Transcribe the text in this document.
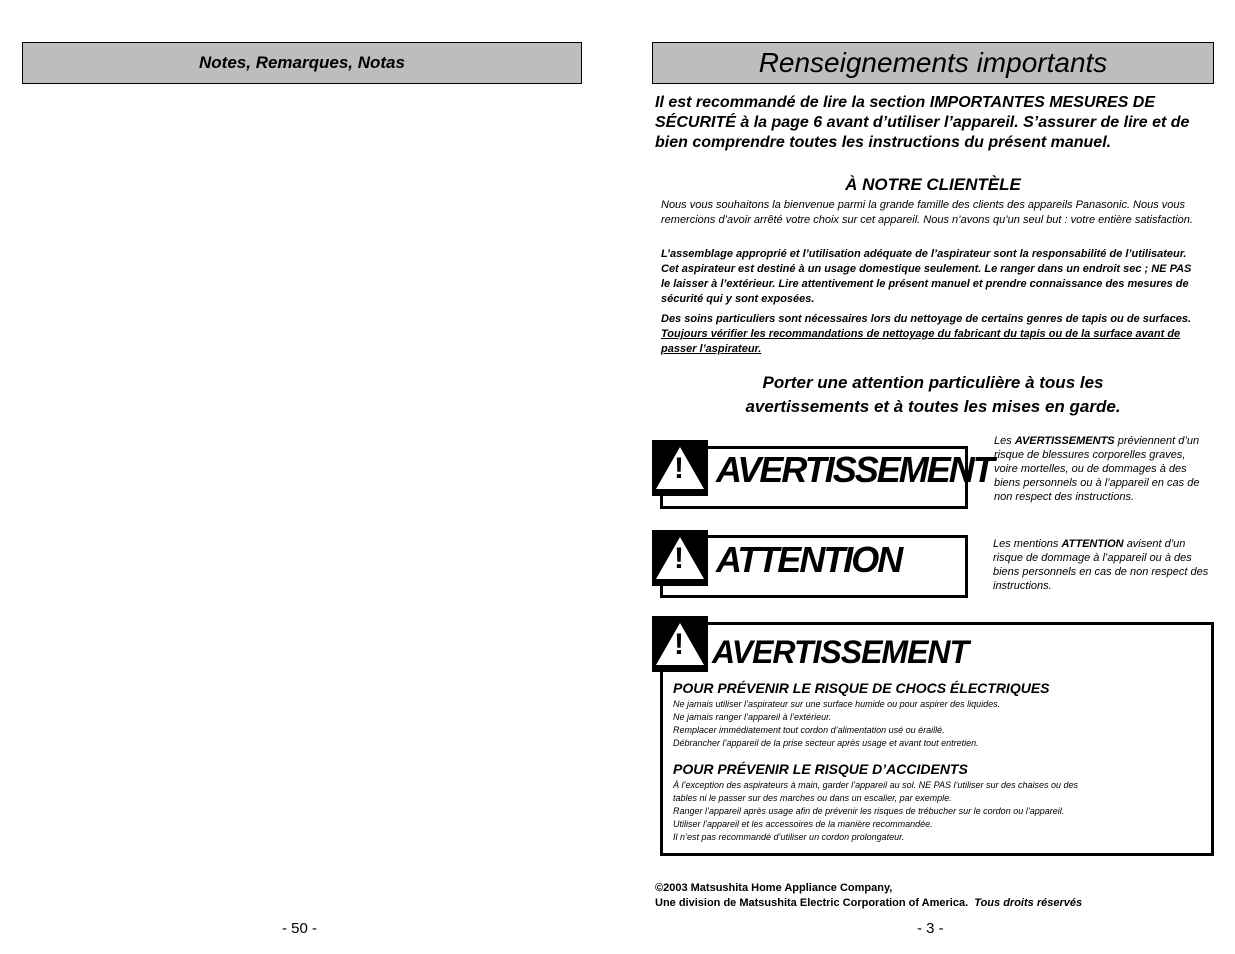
Notes, Remarques, Notas
- 50 -
Renseignements importants
Il est recommandé de lire la section IMPORTANTES MESURES DE SÉCURITÉ à la page 6 avant d’utiliser l’appareil. S’assurer de lire et de bien comprendre toutes les instructions du présent manuel.
À NOTRE CLIENTÈLE
Nous vous souhaitons la bienvenue parmi la grande famille des clients des appareils Panasonic. Nous vous remercions d’avoir arrêté votre choix sur cet appareil. Nous n’avons qu’un seul but : votre entière satisfaction.
L’assemblage approprié et l’utilisation adéquate de l’aspirateur sont la responsabilité de l’utilisateur. Cet aspirateur est destiné à un usage domestique seulement. Le ranger dans un endroit sec ; NE PAS le laisser à l’extérieur. Lire attentivement le présent manuel et prendre connaissance des mesures de sécurité qui y sont exposées.
Des soins particuliers sont nécessaires lors du nettoyage de certains genres de tapis ou de surfaces. Toujours vérifier les recommandations de nettoyage du fabricant du tapis ou de la surface avant de passer l’aspirateur.
Porter une attention particulière à tous les
avertissements et à toutes les mises en garde.
! AVERTISSEMENT
Les AVERTISSEMENTS préviennent d’un risque de blessures corporelles graves, voire mortelles, ou de dommages à des biens personnels ou à l’appareil en cas de non respect des instructions.
! ATTENTION	Les mentions ATTENTION avisent d’un risque de dommage à l’appareil ou à des biens personnels en cas de non respect des instructions.
! AVERTISSEMENT
POUR PRÉVENIR LE RISQUE DE CHOCS ÉLECTRIQUES
Ne jamais utiliser l’aspirateur sur une surface humide ou pour aspirer des liquides.
Ne jamais ranger l’appareil à l’extérieur.
Remplacer immédiatement tout cordon d’alimentation usé ou éraillé.
Débrancher l’appareil de la prise secteur après usage et avant tout entretien.
POUR PRÉVENIR LE RISQUE D’ACCIDENTS
À l’exception des aspirateurs à main, garder l’appareil au sol. NE PAS l’utiliser sur des chaises ou des
tables ni le passer sur des marches ou dans un escalier, par exemple.
Ranger l’appareil après usage afin de prévenir les risques de trébucher sur le cordon ou l’appareil.
Utiliser l’appareil et les accessoires de la manière recommandée.
Il n’est pas recommandé d’utiliser un cordon prolongateur.
©2003 Matsushita Home Appliance Company,
Une division de Matsushita Electric Corporation of America. Tous droits réservés
- 3 -
